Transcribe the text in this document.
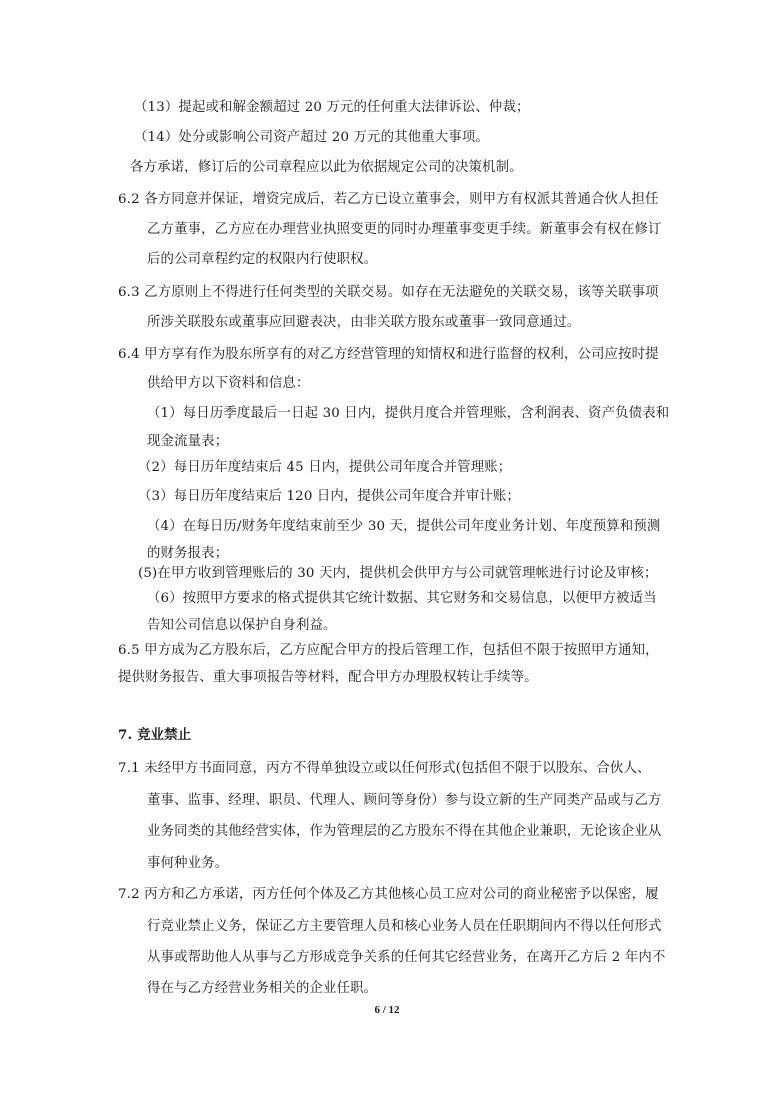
（13）提起或和解金额超过 20 万元的任何重大法律诉讼、仲裁；
（14）处分或影响公司资产超过 20 万元的其他重大事项。
各方承诺，修订后的公司章程应以此为依据规定公司的决策机制。
6.2 各方同意并保证，增资完成后，若乙方已设立董事会，则甲方有权派其普通合伙人担任
乙方董事，乙方应在办理营业执照变更的同时办理董事变更手续。新董事会有权在修订
后的公司章程约定的权限内行使职权。
6.3 乙方原则上不得进行任何类型的关联交易。如存在无法避免的关联交易，该等关联事项
所涉关联股东或董事应回避表决，由非关联方股东或董事一致同意通过。
6.4 甲方享有作为股东所享有的对乙方经营管理的知情权和进行监督的权利，公司应按时提
供给甲方以下资料和信息：
（1）每日历季度最后一日起 30 日内，提供月度合并管理账，含利润表、资产负债表和
现金流量表；
（2）每日历年度结束后 45 日内，提供公司年度合并管理账；
（3）每日历年度结束后 120 日内，提供公司年度合并审计账；
（4）在每日历/财务年度结束前至少 30 天，提供公司年度业务计划、年度预算和预测
的财务报表；
(5)在甲方收到管理账后的 30 天内，提供机会供甲方与公司就管理帐进行讨论及审核；
（6）按照甲方要求的格式提供其它统计数据、其它财务和交易信息，以便甲方被适当
告知公司信息以保护自身利益。
6.5 甲方成为乙方股东后，乙方应配合甲方的投后管理工作，包括但不限于按照甲方通知，
提供财务报告、重大事项报告等材料，配合甲方办理股权转让手续等。
7. 竞业禁止
7.1 未经甲方书面同意，丙方不得单独设立或以任何形式(包括但不限于以股东、合伙人、
董事、监事、经理、职员、代理人、顾问等身份）参与设立新的生产同类产品或与乙方
业务同类的其他经营实体，作为管理层的乙方股东不得在其他企业兼职，无论该企业从
事何种业务。
7.2 丙方和乙方承诺，丙方任何个体及乙方其他核心员工应对公司的商业秘密予以保密，履
行竞业禁止义务，保证乙方主要管理人员和核心业务人员在任职期间内不得以任何形式
从事或帮助他人从事与乙方形成竞争关系的任何其它经营业务，在离开乙方后 2 年内不
得在与乙方经营业务相关的企业任职。
6 / 12
